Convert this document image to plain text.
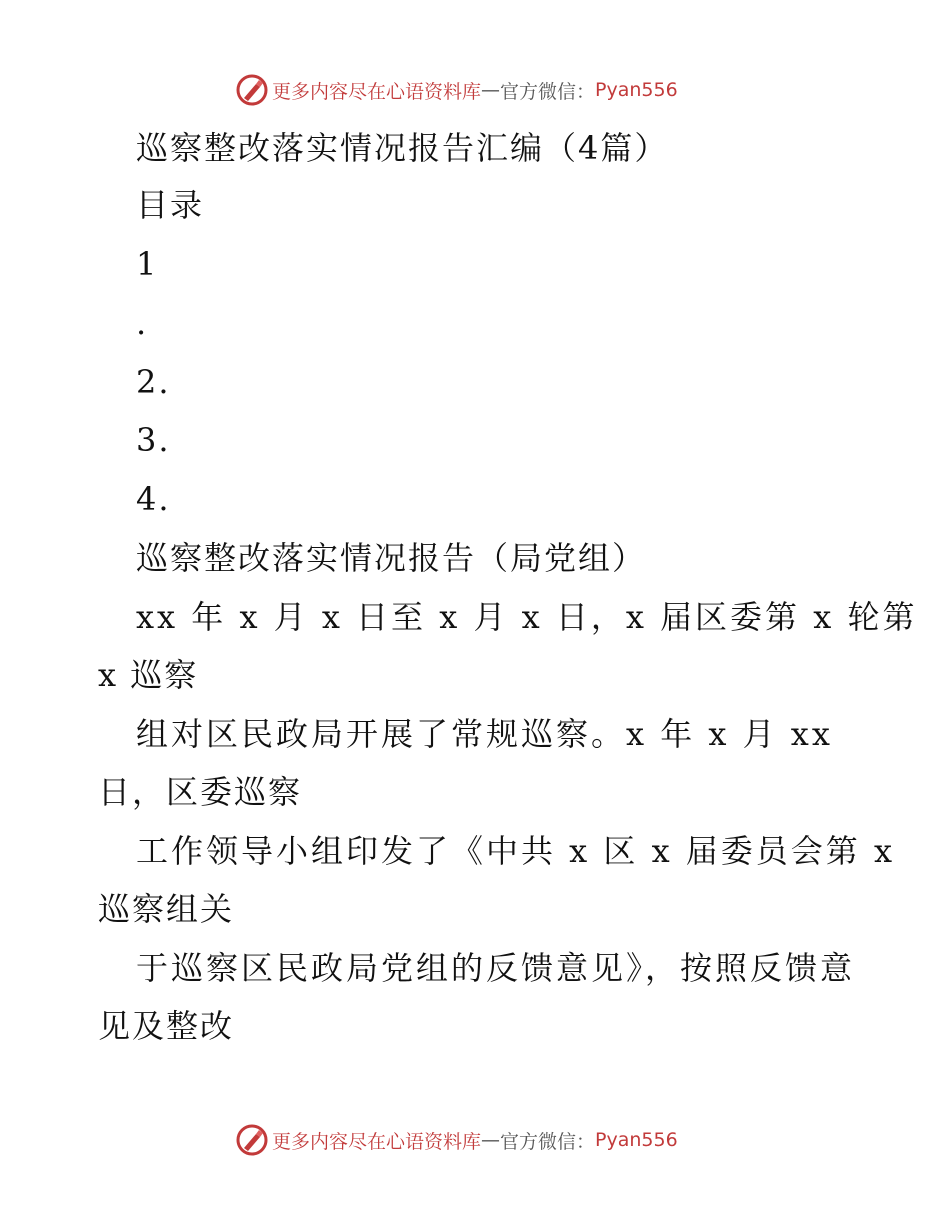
更多内容尽在心语资料库 — 官方微信： Pyan556
巡察整改落实情况报告汇编（4篇）
目录
1
.
2.
3.
4.
巡察整改落实情况报告（局党组）
xx 年 x 月 x 日至 x 月 x 日，x 届区委第 x 轮第
x 巡察
组对区民政局开展了常规巡察。x 年 x 月 xx
日，区委巡察
工作领导小组印发了《中共 x 区 x 届委员会第 x
巡察组关
于巡察区民政局党组的反馈意见》，按照反馈意
见及整改
更多内容尽在心语资料库 — 官方微信： Pyan556
